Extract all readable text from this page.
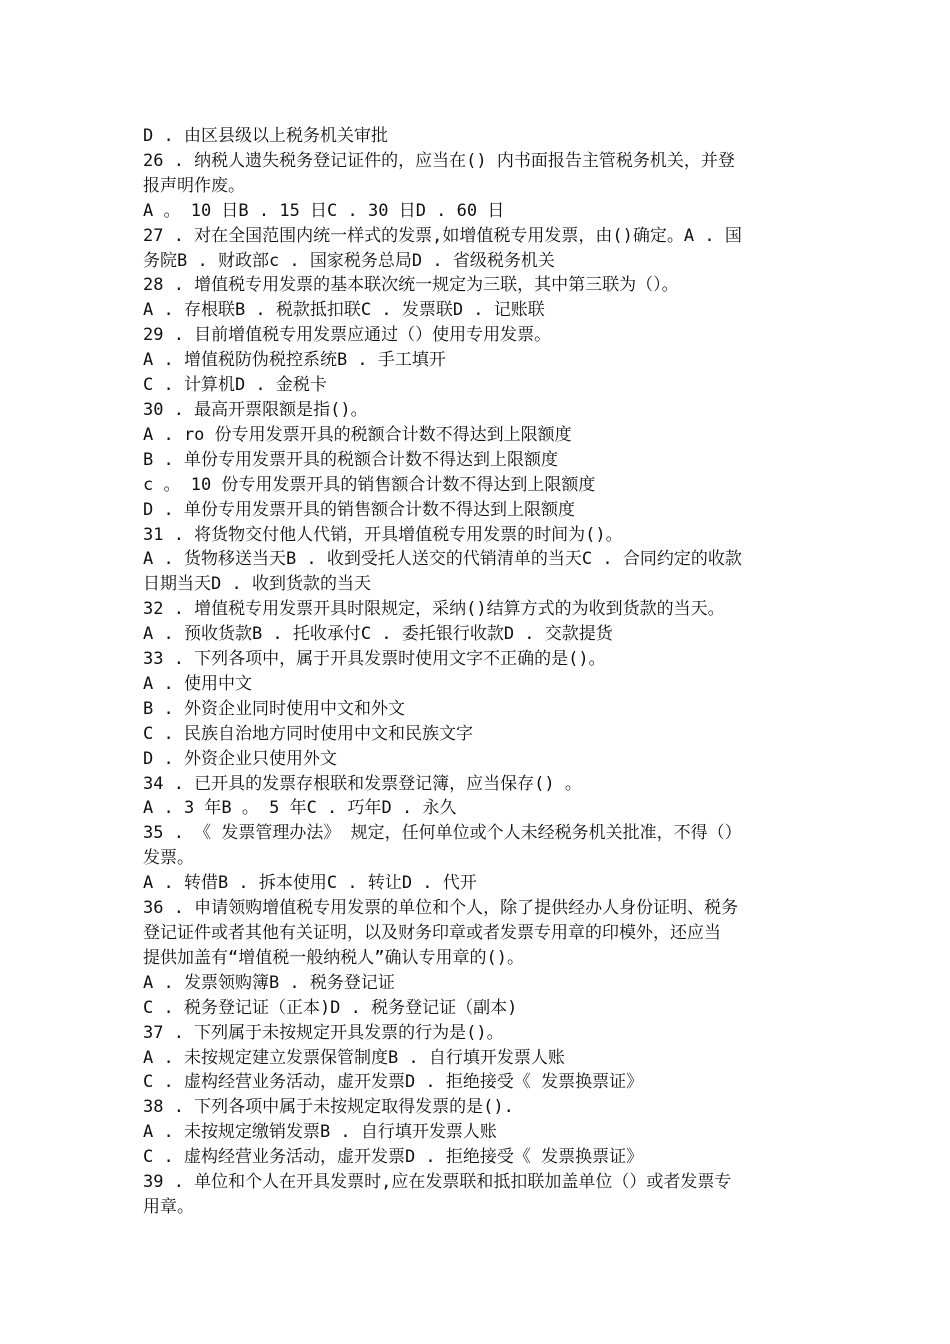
D . 由区县级以上税务机关审批
26 . 纳税人遗失税务登记证件的，应当在() 内书面报告主管税务机关，并登
报声明作废。
A 。 10 日B . 15 日C . 30 日D . 60 日
27 . 对在全国范围内统一样式的发票,如增值税专用发票，由()确定。A . 国
务院B . 财政部c . 国家税务总局D . 省级税务机关
28 . 增值税专用发票的基本联次统一规定为三联，其中第三联为（）。
A . 存根联B . 税款抵扣联C . 发票联D . 记账联
29 . 目前增值税专用发票应通过（）使用专用发票。
A . 增值税防伪税控系统B . 手工填开
C . 计算机D . 金税卡
30 . 最高开票限额是指()。
A . ro 份专用发票开具的税额合计数不得达到上限额度
B . 单份专用发票开具的税额合计数不得达到上限额度
c 。 10 份专用发票开具的销售额合计数不得达到上限额度
D . 单份专用发票开具的销售额合计数不得达到上限额度
31 . 将货物交付他人代销，开具增值税专用发票的时间为()。
A . 货物移送当天B . 收到受托人送交的代销清单的当天C . 合同约定的收款
日期当天D . 收到货款的当天
32 . 增值税专用发票开具时限规定，采纳()结算方式的为收到货款的当天。
A . 预收货款B . 托收承付C . 委托银行收款D . 交款提货
33 . 下列各项中，属于开具发票时使用文字不正确的是()。
A . 使用中文
B . 外资企业同时使用中文和外文
C . 民族自治地方同时使用中文和民族文字
D . 外资企业只使用外文
34 . 已开具的发票存根联和发票登记簿，应当保存() 。
A . 3 年B 。 5 年C . 巧年D . 永久
35 . 《 发票管理办法》 规定，任何单位或个人未经税务机关批准，不得（）
发票。
A . 转借B . 拆本使用C . 转让D . 代开
36 . 申请领购增值税专用发票的单位和个人，除了提供经办人身份证明、税务
登记证件或者其他有关证明，以及财务印章或者发票专用章的印模外，还应当
提供加盖有“增值税一般纳税人”确认专用章的()。
A . 发票领购簿B . 税务登记证
C . 税务登记证（正本)D . 税务登记证（副本)
37 . 下列属于未按规定开具发票的行为是()。
A . 未按规定建立发票保管制度B . 自行填开发票人账
C . 虚构经营业务活动，虚开发票D . 拒绝接受《 发票换票证》
38 . 下列各项中属于未按规定取得发票的是().
A . 未按规定缴销发票B . 自行填开发票人账
C . 虚构经营业务活动，虚开发票D . 拒绝接受《 发票换票证》
39 . 单位和个人在开具发票时,应在发票联和抵扣联加盖单位（）或者发票专
用章。
